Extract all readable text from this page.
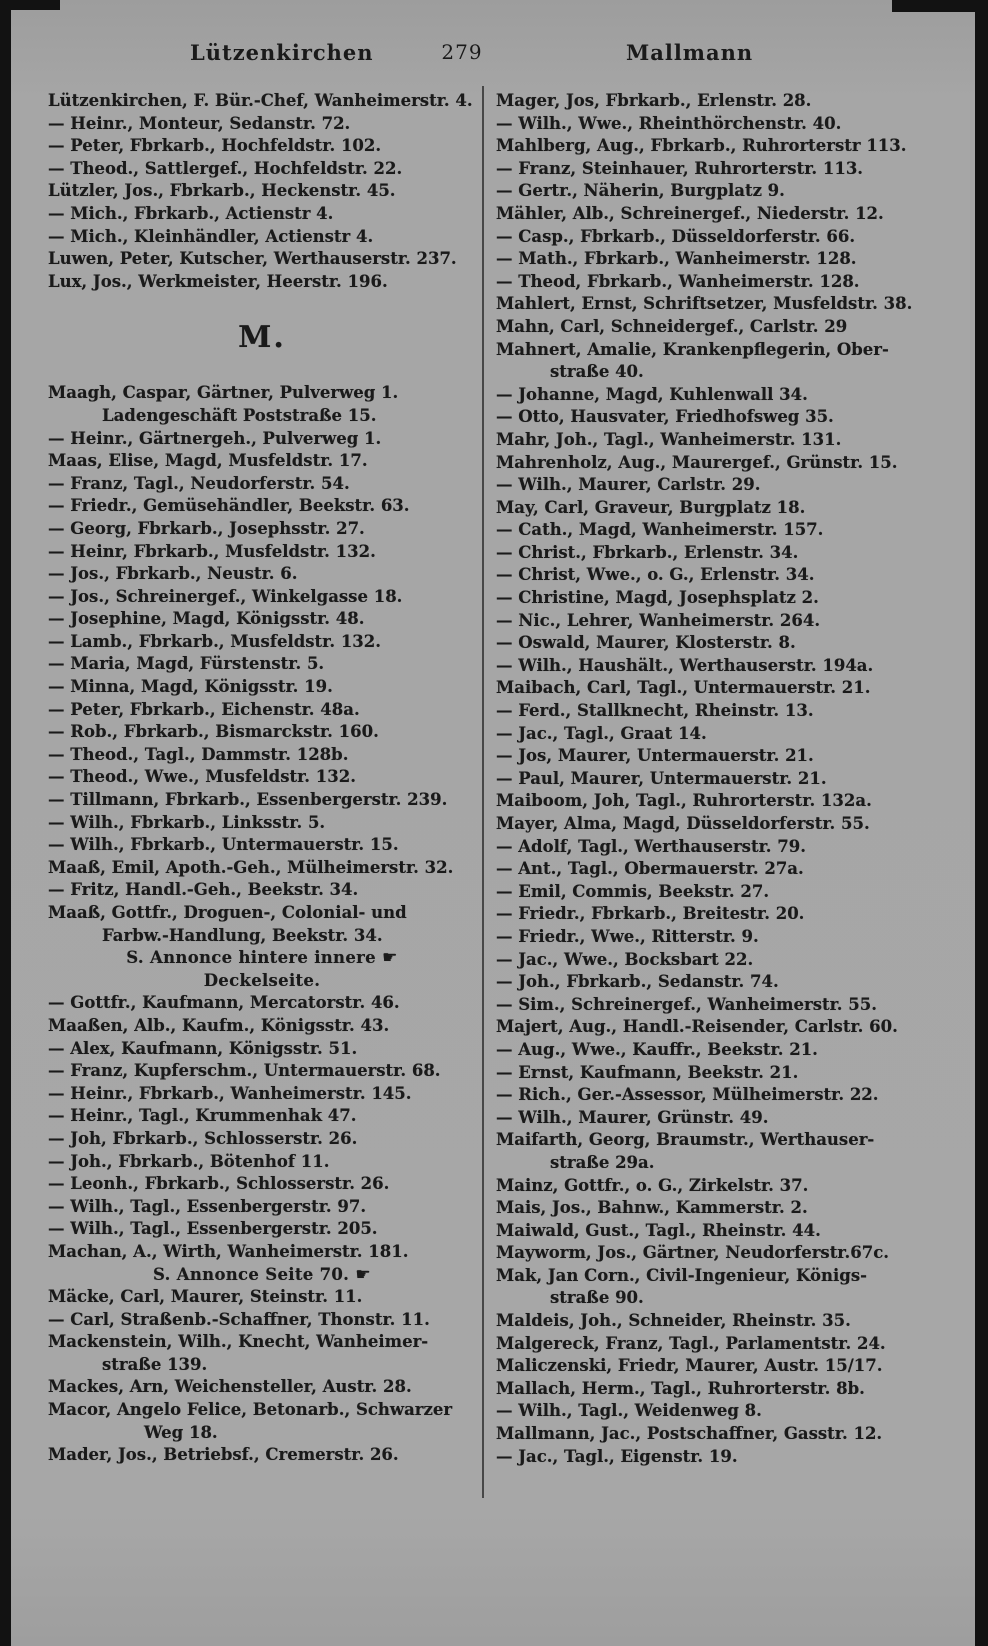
Lützenkirchen	279	Mallmann
Lützenkirchen, F. Bür.-Chef, Wanheimerstr. 4.
— Heinr., Monteur, Sedanstr. 72.
— Peter, Fbrkarb., Hochfeldstr. 102.
— Theod., Sattlergef., Hochfeldstr. 22.
Lützler, Jos., Fbrkarb., Heckenstr. 45.
— Mich., Fbrkarb., Actienstr 4.
— Mich., Kleinhändler, Actienstr 4.
Luwen, Peter, Kutscher, Werthauserstr. 237.
Lux, Jos., Werkmeister, Heerstr. 196.
M.
Maagh, Caspar, Gärtner, Pulverweg 1.
Ladengeschäft Poststraße 15.
— Heinr., Gärtnergeh., Pulverweg 1.
Maas, Elise, Magd, Musfeldstr. 17.
— Franz, Tagl., Neudorferstr. 54.
— Friedr., Gemüsehändler, Beekstr. 63.
— Georg, Fbrkarb., Josephsstr. 27.
— Heinr, Fbrkarb., Musfeldstr. 132.
— Jos., Fbrkarb., Neustr. 6.
— Jos., Schreinergef., Winkelgasse 18.
— Josephine, Magd, Königsstr. 48.
— Lamb., Fbrkarb., Musfeldstr. 132.
— Maria, Magd, Fürstenstr. 5.
— Minna, Magd, Königsstr. 19.
— Peter, Fbrkarb., Eichenstr. 48a.
— Rob., Fbrkarb., Bismarckstr. 160.
— Theod., Tagl., Dammstr. 128b.
— Theod., Wwe., Musfeldstr. 132.
— Tillmann, Fbrkarb., Essenbergerstr. 239.
— Wilh., Fbrkarb., Linksstr. 5.
— Wilh., Fbrkarb., Untermauerstr. 15.
Maaß, Emil, Apoth.-Geh., Mülheimerstr. 32.
— Fritz, Handl.-Geh., Beekstr. 34.
Maaß, Gottfr., Droguen-, Colonial- und
Farbw.-Handlung, Beekstr. 34.
S. Annonce hintere innere ☛
Deckelseite.
— Gottfr., Kaufmann, Mercatorstr. 46.
Maaßen, Alb., Kaufm., Königsstr. 43.
— Alex, Kaufmann, Königsstr. 51.
— Franz, Kupferschm., Untermauerstr. 68.
— Heinr., Fbrkarb., Wanheimerstr. 145.
— Heinr., Tagl., Krummenhak 47.
— Joh, Fbrkarb., Schlosserstr. 26.
— Joh., Fbrkarb., Bötenhof 11.
— Leonh., Fbrkarb., Schlosserstr. 26.
— Wilh., Tagl., Essenbergerstr. 97.
— Wilh., Tagl., Essenbergerstr. 205.
Machan, A., Wirth, Wanheimerstr. 181.
S. Annonce Seite 70. ☛
Mäcke, Carl, Maurer, Steinstr. 11.
— Carl, Straßenb.-Schaffner, Thonstr. 11.
Mackenstein, Wilh., Knecht, Wanheimer-
straße 139.
Mackes, Arn, Weichensteller, Austr. 28.
Macor, Angelo Felice, Betonarb., Schwarzer
Weg 18.
Mader, Jos., Betriebsf., Cremerstr. 26.
Mager, Jos, Fbrkarb., Erlenstr. 28.
— Wilh., Wwe., Rheinthörchenstr. 40.
Mahlberg, Aug., Fbrkarb., Ruhrorterstr 113.
— Franz, Steinhauer, Ruhrorterstr. 113.
— Gertr., Näherin, Burgplatz 9.
Mähler, Alb., Schreinergef., Niederstr. 12.
— Casp., Fbrkarb., Düsseldorferstr. 66.
— Math., Fbrkarb., Wanheimerstr. 128.
— Theod, Fbrkarb., Wanheimerstr. 128.
Mahlert, Ernst, Schriftsetzer, Musfeldstr. 38.
Mahn, Carl, Schneidergef., Carlstr. 29
Mahnert, Amalie, Krankenpflegerin, Ober-
straße 40.
— Johanne, Magd, Kuhlenwall 34.
— Otto, Hausvater, Friedhofsweg 35.
Mahr, Joh., Tagl., Wanheimerstr. 131.
Mahrenholz, Aug., Maurergef., Grünstr. 15.
— Wilh., Maurer, Carlstr. 29.
May, Carl, Graveur, Burgplatz 18.
— Cath., Magd, Wanheimerstr. 157.
— Christ., Fbrkarb., Erlenstr. 34.
— Christ, Wwe., o. G., Erlenstr. 34.
— Christine, Magd, Josephsplatz 2.
— Nic., Lehrer, Wanheimerstr. 264.
— Oswald, Maurer, Klosterstr. 8.
— Wilh., Haushält., Werthauserstr. 194a.
Maibach, Carl, Tagl., Untermauerstr. 21.
— Ferd., Stallknecht, Rheinstr. 13.
— Jac., Tagl., Graat 14.
— Jos, Maurer, Untermauerstr. 21.
— Paul, Maurer, Untermauerstr. 21.
Maiboom, Joh, Tagl., Ruhrorterstr. 132a.
Mayer, Alma, Magd, Düsseldorferstr. 55.
— Adolf, Tagl., Werthauserstr. 79.
— Ant., Tagl., Obermauerstr. 27a.
— Emil, Commis, Beekstr. 27.
— Friedr., Fbrkarb., Breitestr. 20.
— Friedr., Wwe., Ritterstr. 9.
— Jac., Wwe., Bocksbart 22.
— Joh., Fbrkarb., Sedanstr. 74.
— Sim., Schreinergef., Wanheimerstr. 55.
Majert, Aug., Handl.-Reisender, Carlstr. 60.
— Aug., Wwe., Kauffr., Beekstr. 21.
— Ernst, Kaufmann, Beekstr. 21.
— Rich., Ger.-Assessor, Mülheimerstr. 22.
— Wilh., Maurer, Grünstr. 49.
Maifarth, Georg, Braumstr., Werthauser-
straße 29a.
Mainz, Gottfr., o. G., Zirkelstr. 37.
Mais, Jos., Bahnw., Kammerstr. 2.
Maiwald, Gust., Tagl., Rheinstr. 44.
Mayworm, Jos., Gärtner, Neudorferstr.67c.
Mak, Jan Corn., Civil-Ingenieur, Königs-
straße 90.
Maldeis, Joh., Schneider, Rheinstr. 35.
Malgereck, Franz, Tagl., Parlamentstr. 24.
Maliczenski, Friedr, Maurer, Austr. 15/17.
Mallach, Herm., Tagl., Ruhrorterstr. 8b.
— Wilh., Tagl., Weidenweg 8.
Mallmann, Jac., Postschaffner, Gasstr. 12.
— Jac., Tagl., Eigenstr. 19.
